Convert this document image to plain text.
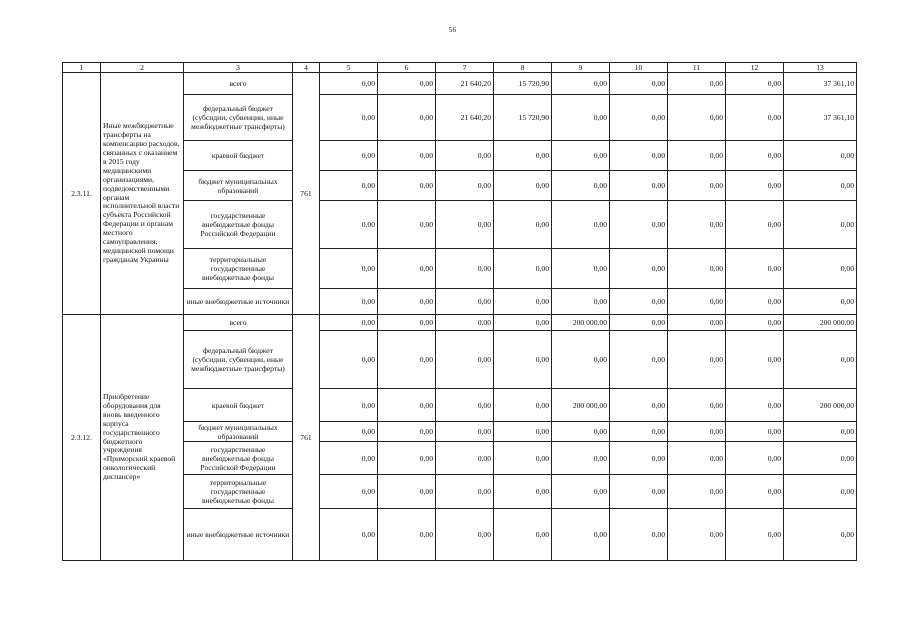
56
1	2	3	4	5	6	7	8	9	10	11	12	13
2.3.11.	Иные межбюджетные трансферты на компенсацию расходов, связанных с оказанием в 2015 году медицинскими организациями, подведомственными органам исполнительной власти субъекта Российской Федерации и органам местного самоуправления, медицинской помощи гражданам Украины	всего	761	0,00	0,00	21 640,20	15 720,90	0,00	0,00	0,00	0,00	37 361,10
		федеральный бюджет (субсидии, субвенции, иные межбюджетные трансферты)		0,00	0,00	21 640,20	15 720,90	0,00	0,00	0,00	0,00	37 361,10
		краевой бюджет		0,00	0,00	0,00	0,00	0,00	0,00	0,00	0,00	0,00
		бюджет муниципальных образований		0,00	0,00	0,00	0,00	0,00	0,00	0,00	0,00	0,00
		государственные внебюджетные фонды Российской Федерации		0,00	0,00	0,00	0,00	0,00	0,00	0,00	0,00	0,00
		территориальные государственные внебюджетные фонды		0,00	0,00	0,00	0,00	0,00	0,00	0,00	0,00	0,00
		иные внебюджетные источники		0,00	0,00	0,00	0,00	0,00	0,00	0,00	0,00	0,00
2.3.12.	Приобретение оборудования для вновь введенного корпуса государственного бюджетного учреждения «Приморский краевой онкологический диспансер»	всего	761	0,00	0,00	0,00	0,00	200 000,00	0,00	0,00	0,00	200 000,00
		федеральный бюджет (субсидии, субвенции, иные межбюджетные трансферты)		0,00	0,00	0,00	0,00	0,00	0,00	0,00	0,00	0,00
		краевой бюджет		0,00	0,00	0,00	0,00	200 000,00	0,00	0,00	0,00	200 000,00
		бюджет муниципальных образований		0,00	0,00	0,00	0,00	0,00	0,00	0,00	0,00	0,00
		государственные внебюджетные фонды Российской Федерации		0,00	0,00	0,00	0,00	0,00	0,00	0,00	0,00	0,00
		территориальные государственные внебюджетные фонды		0,00	0,00	0,00	0,00	0,00	0,00	0,00	0,00	0,00
		иные внебюджетные источники		0,00	0,00	0,00	0,00	0,00	0,00	0,00	0,00	0,00
